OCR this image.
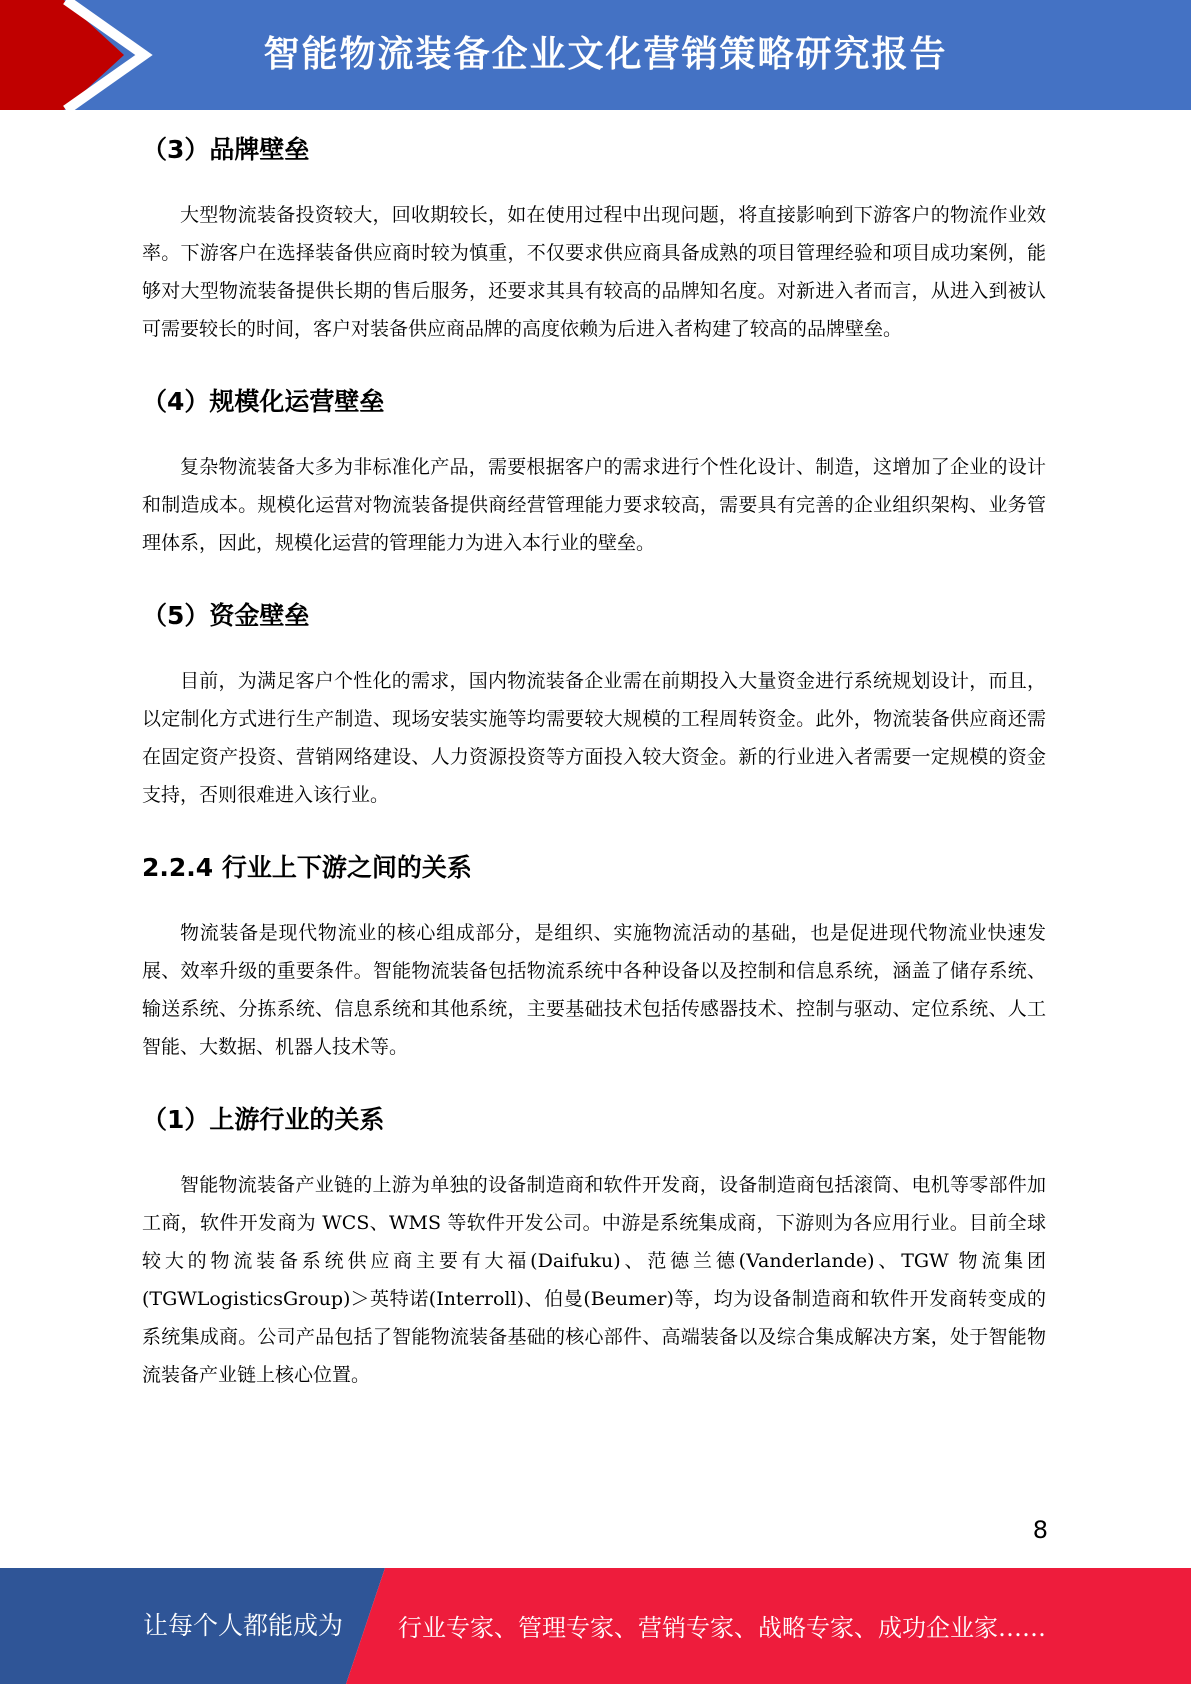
智能物流装备企业文化营销策略研究报告
（3）品牌壁垒

大型物流装备投资较大，回收期较长，如在使用过程中出现问题，将直接影响到下游客户的物流作业效率。下游客户在选择装备供应商时较为慎重，不仅要求供应商具备成熟的项目管理经验和项目成功案例，能够对大型物流装备提供长期的售后服务，还要求其具有较高的品牌知名度。对新进入者而言，从进入到被认可需要较长的时间，客户对装备供应商品牌的高度依赖为后进入者构建了较高的品牌壁垒。

（4）规模化运营壁垒

复杂物流装备大多为非标准化产品，需要根据客户的需求进行个性化设计、制造，这增加了企业的设计和制造成本。规模化运营对物流装备提供商经营管理能力要求较高，需要具有完善的企业组织架构、业务管理体系，因此，规模化运营的管理能力为进入本行业的壁垒。

（5）资金壁垒

目前，为满足客户个性化的需求，国内物流装备企业需在前期投入大量资金进行系统规划设计，而且，以定制化方式进行生产制造、现场安装实施等均需要较大规模的工程周转资金。此外，物流装备供应商还需在固定资产投资、营销网络建设、人力资源投资等方面投入较大资金。新的行业进入者需要一定规模的资金支持，否则很难进入该行业。

2.2.4 行业上下游之间的关系

物流装备是现代物流业的核心组成部分，是组织、实施物流活动的基础，也是促进现代物流业快速发展、效率升级的重要条件。智能物流装备包括物流系统中各种设备以及控制和信息系统，涵盖了储存系统、输送系统、分拣系统、信息系统和其他系统，主要基础技术包括传感器技术、控制与驱动、定位系统、人工智能、大数据、机器人技术等。

（1）上游行业的关系

智能物流装备产业链的上游为单独的设备制造商和软件开发商，设备制造商包括滚筒、电机等零部件加工商，软件开发商为 WCS、WMS 等软件开发公司。中游是系统集成商，下游则为各应用行业。目前全球较大的物流装备系统供应商主要有大福(Daifuku)、范德兰德(Vanderlande)、TGW 物流集团(TGWLogisticsGroup)＞英特诺(Interroll)、伯曼(Beumer)等，均为设备制造商和软件开发商转变成的系统集成商。公司产品包括了智能物流装备基础的核心部件、高端装备以及综合集成解决方案，处于智能物流装备产业链上核心位置。

8
让每个人都能成为 行业专家、管理专家、营销专家、战略专家、成功企业家……
